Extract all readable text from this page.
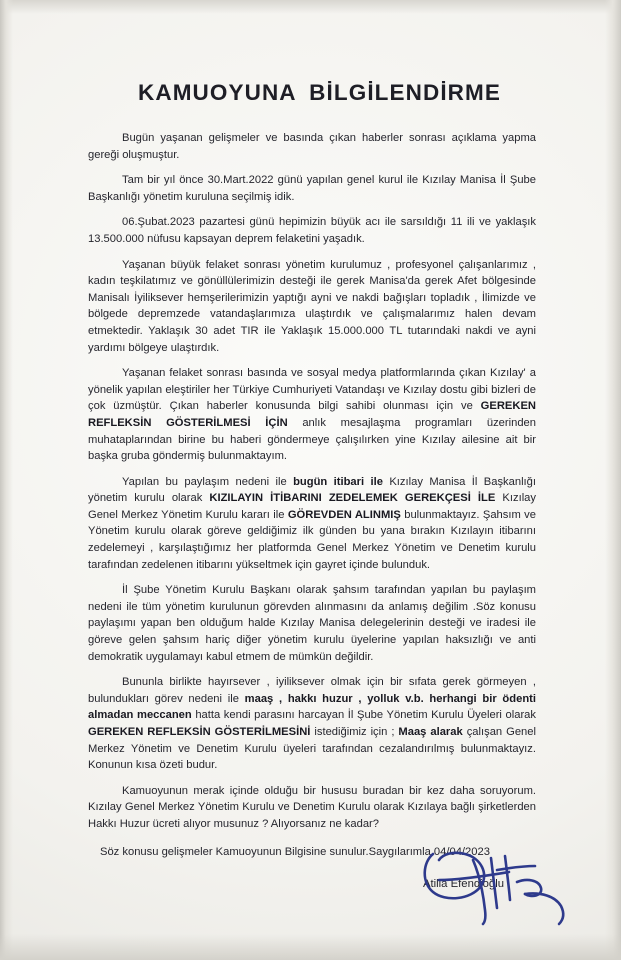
KAMUOYUNA BİLGİLENDİRME

Bugün yaşanan gelişmeler ve basında çıkan haberler sonrası açıklama yapma gereği oluşmuştur.

Tam bir yıl önce 30.Mart.2022 günü yapılan genel kurul ile Kızılay Manisa İl Şube Başkanlığı yönetim kuruluna seçilmiş idik.

06.Şubat.2023 pazartesi günü hepimizin büyük acı ile sarsıldığı 11 ili ve yaklaşık 13.500.000 nüfusu kapsayan deprem felaketini yaşadık.

Yaşanan büyük felaket sonrası yönetim kurulumuz , profesyonel çalışanlarımız , kadın teşkilatımız ve gönüllülerimizin desteği ile gerek Manisa'da gerek Afet bölgesinde Manisalı İyiliksever hemşerilerimizin yaptığı ayni ve nakdi bağışları topladık , İlimizde ve bölgede depremzede vatandaşlarımıza ulaştırdık ve çalışmalarımız halen devam etmektedir. Yaklaşık 30 adet TIR ile Yaklaşık 15.000.000 TL tutarındaki nakdi ve ayni yardımı bölgeye ulaştırdık.

Yaşanan felaket sonrası basında ve sosyal medya platformlarında çıkan Kızılay' a yönelik yapılan eleştiriler her Türkiye Cumhuriyeti Vatandaşı ve Kızılay dostu gibi bizleri de çok üzmüştür. Çıkan haberler konusunda bilgi sahibi olunması için ve GEREKEN REFLEKSİN GÖSTERİLMESİ İÇİN anlık mesajlaşma programları üzerinden muhataplarından birine bu haberi göndermeye çalışılırken yine Kızılay ailesine ait bir başka gruba göndermiş bulunmaktayım.

Yapılan bu paylaşım nedeni ile bugün itibari ile Kızılay Manisa İl Başkanlığı yönetim kurulu olarak KIZILAYIN İTİBARINI ZEDELEMEK GEREKÇESİ İLE Kızılay Genel Merkez Yönetim Kurulu kararı ile GÖREVDEN ALINMIŞ bulunmaktayız. Şahsım ve Yönetim kurulu olarak göreve geldiğimiz ilk günden bu yana bırakın Kızılayın itibarını zedelemeyi , karşılaştığımız her platformda Genel Merkez Yönetim ve Denetim kurulu tarafından zedelenen itibarını yükseltmek için gayret içinde bulunduk.

İl Şube Yönetim Kurulu Başkanı olarak şahsım tarafından yapılan bu paylaşım nedeni ile tüm yönetim kurulunun görevden alınmasını da anlamış değilim .Söz konusu paylaşımı yapan ben olduğum halde Kızılay Manisa delegelerinin desteği ve iradesi ile göreve gelen şahsım hariç diğer yönetim kurulu üyelerine yapılan haksızlığı ve anti demokratik uygulamayı kabul etmem de mümkün değildir.

Bununla birlikte hayırsever , iyiliksever olmak için bir sıfata gerek görmeyen , bulundukları görev nedeni ile maaş , hakkı huzur , yolluk v.b. herhangi bir ödenti almadan meccanen hatta kendi parasını harcayan İl Şube Yönetim Kurulu Üyeleri olarak GEREKEN REFLEKSİN GÖSTERİLMESİNİ istediğimiz için ; Maaş alarak çalışan Genel Merkez Yönetim ve Denetim Kurulu üyeleri tarafından cezalandırılmış bulunmaktayız. Konunun kısa özeti budur.

Kamuoyunun merak içinde olduğu bir hususu buradan bir kez daha soruyorum. Kızılay Genel Merkez Yönetim Kurulu ve Denetim Kurulu olarak Kızılaya bağlı şirketlerden Hakkı Huzur ücreti alıyor musunuz ? Alıyorsanız ne kadar?

Söz konusu gelişmeler Kamuoyunun Bilgisine sunulur.Saygılarımla.04/04/2023
Atilla Efendioğlu
